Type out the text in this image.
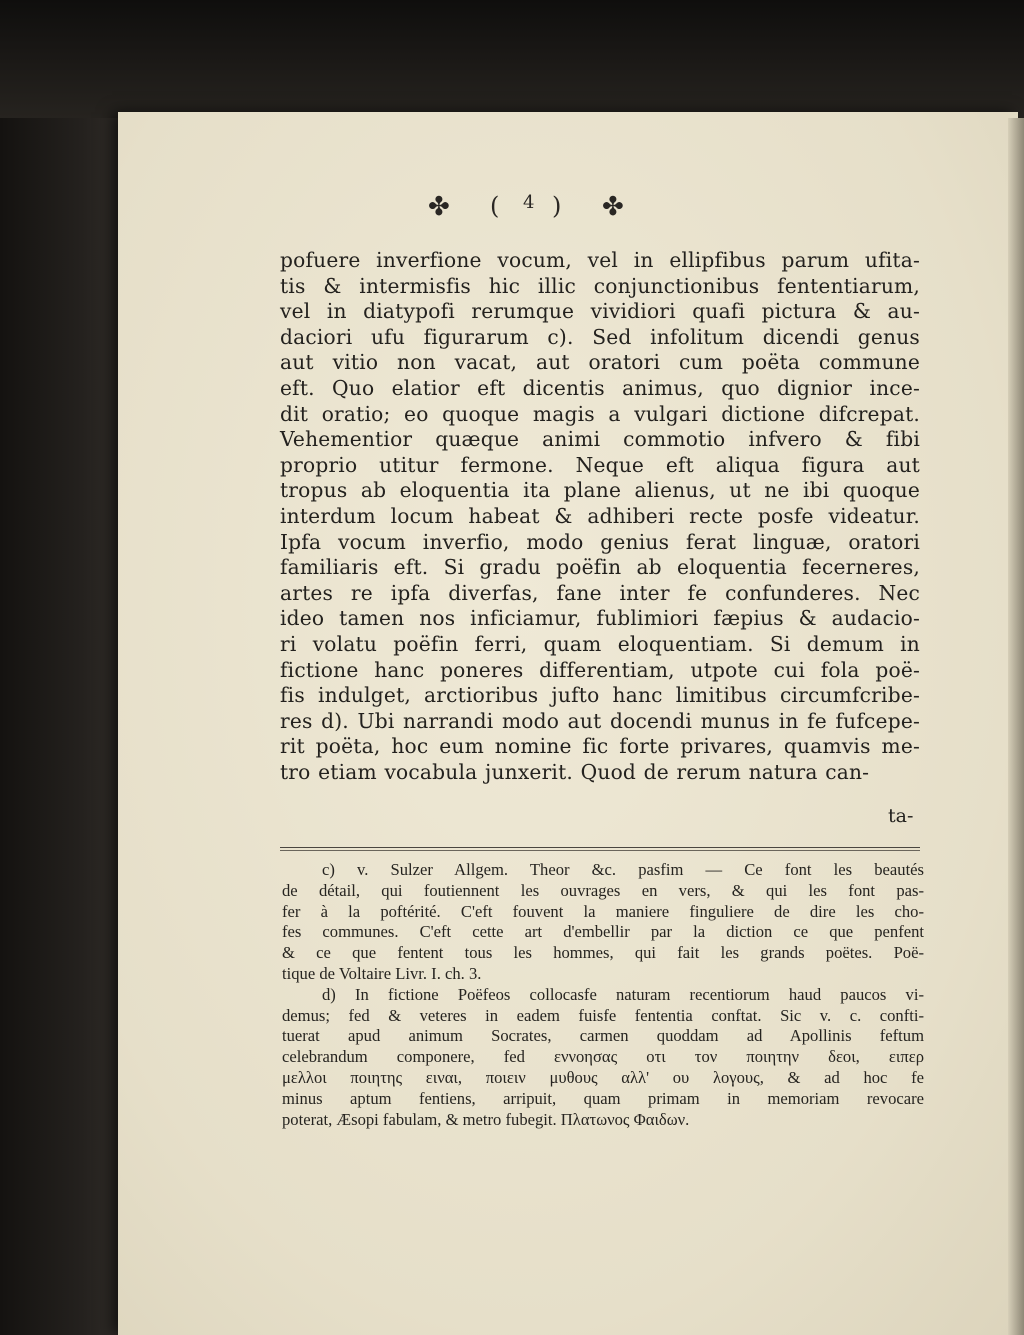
✤ ( 4 ) ✤
pofuere inverfione vocum, vel in ellipfibus parum ufita-
tis & intermisfis hic illic conjunctionibus fententiarum,
vel in diatypofi rerumque vividiori quafi pictura & au-
daciori ufu figurarum c). Sed infolitum dicendi genus
aut vitio non vacat, aut oratori cum poëta commune
eft. Quo elatior eft dicentis animus, quo dignior ince-
dit oratio; eo quoque magis a vulgari dictione difcrepat.
Vehementior quæque animi commotio infvero & fibi
proprio utitur fermone. Neque eft aliqua figura aut
tropus ab eloquentia ita plane alienus, ut ne ibi quoque
interdum locum habeat & adhiberi recte posfe videatur.
Ipfa vocum inverfio, modo genius ferat linguæ, oratori
familiaris eft. Si gradu poëfin ab eloquentia fecerneres,
artes re ipfa diverfas, fane inter fe confunderes. Nec
ideo tamen nos inficiamur, fublimiori fæpius & audacio-
ri volatu poëfin ferri, quam eloquentiam. Si demum in
fictione hanc poneres differentiam, utpote cui fola poë-
fis indulget, arctioribus jufto hanc limitibus circumfcribe-
res d). Ubi narrandi modo aut docendi munus in fe fufcepe-
rit poëta, hoc eum nomine fic forte privares, quamvis me-
tro etiam vocabula junxerit. Quod de rerum natura can-
ta-
c) v. Sulzer Allgem. Theor &c. pasfim — Ce font les beautés
de détail, qui foutiennent les ouvrages en vers, & qui les font pas-
fer à la poftérité. C'eft fouvent la maniere finguliere de dire les cho-
fes communes. C'eft cette art d'embellir par la diction ce que penfent
& ce que fentent tous les hommes, qui fait les grands poëtes. Poë-
tique de Voltaire Livr. I. ch. 3.
d) In fictione Poëfeos collocasfe naturam recentiorum haud paucos vi-
demus; fed & veteres in eadem fuisfe fententia conftat. Sic v. c. confti-
tuerat apud animum Socrates, carmen quoddam ad Apollinis feftum
celebrandum componere, fed εννοησας οτι τον ποιητην δεοι, ειπερ
μελλοι ποιητης ειναι, ποιειν μυθους αλλ' ου λογους, & ad hoc fe
minus aptum fentiens, arripuit, quam primam in memoriam revocare
poterat, Æsopi fabulam, & metro fubegit. Πλατωνος Φαιδων.
